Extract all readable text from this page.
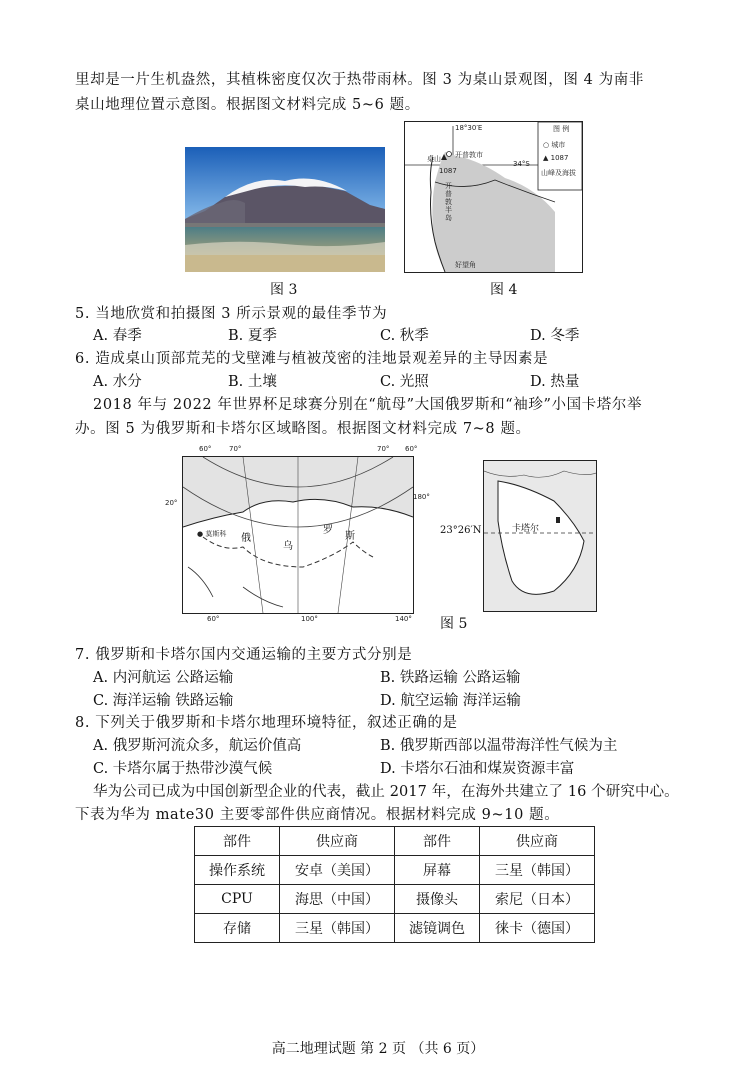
里却是一片生机盎然，其植株密度仅次于热带雨林。图 3 为桌山景观图，图 4 为南非
桌山地理位置示意图。根据图文材料完成 5~6 题。
图 3
18°30′E
34°S
开普敦市
桌山
1087
开普敦半岛
好望角
图 例
○ 城市
▲ 1087
山峰及海拔
图 4
5. 当地欣赏和拍摄图 3 所示景观的最佳季节为
A. 春季	B. 夏季	C. 秋季	D. 冬季
6. 造成桌山顶部荒芜的戈壁滩与植被茂密的洼地景观差异的主导因素是
A. 水分	B. 土壤	C. 光照	D. 热量
2018 年与 2022 年世界杯足球赛分别在“航母”大国俄罗斯和“袖珍”小国卡塔尔举
办。图 5 为俄罗斯和卡塔尔区域略图。根据图文材料完成 7~8 题。
60°	70°	70° 60°
180°
20°
60°	100°	140°
● 莫斯科 俄
罗
斯
乌
卡塔尔
23°26′N
图 5
7. 俄罗斯和卡塔尔国内交通运输的主要方式分别是
A. 内河航运 公路运输	B. 铁路运输 公路运输
C. 海洋运输 铁路运输	D. 航空运输 海洋运输
8. 下列关于俄罗斯和卡塔尔地理环境特征，叙述正确的是
A. 俄罗斯河流众多，航运价值高	B. 俄罗斯西部以温带海洋性气候为主
C. 卡塔尔属于热带沙漠气候	D. 卡塔尔石油和煤炭资源丰富
华为公司已成为中国创新型企业的代表，截止 2017 年，在海外共建立了 16 个研究中心。
下表为华为 mate30 主要零部件供应商情况。根据材料完成 9~10 题。
部件	供应商	部件	供应商
操作系统	安卓（美国）	屏幕	三星（韩国）
CPU	海思（中国）	摄像头	索尼（日本）
存储	三星（韩国）	滤镜调色	徕卡（德国）
高二地理试题 第 2 页 （共 6 页）
